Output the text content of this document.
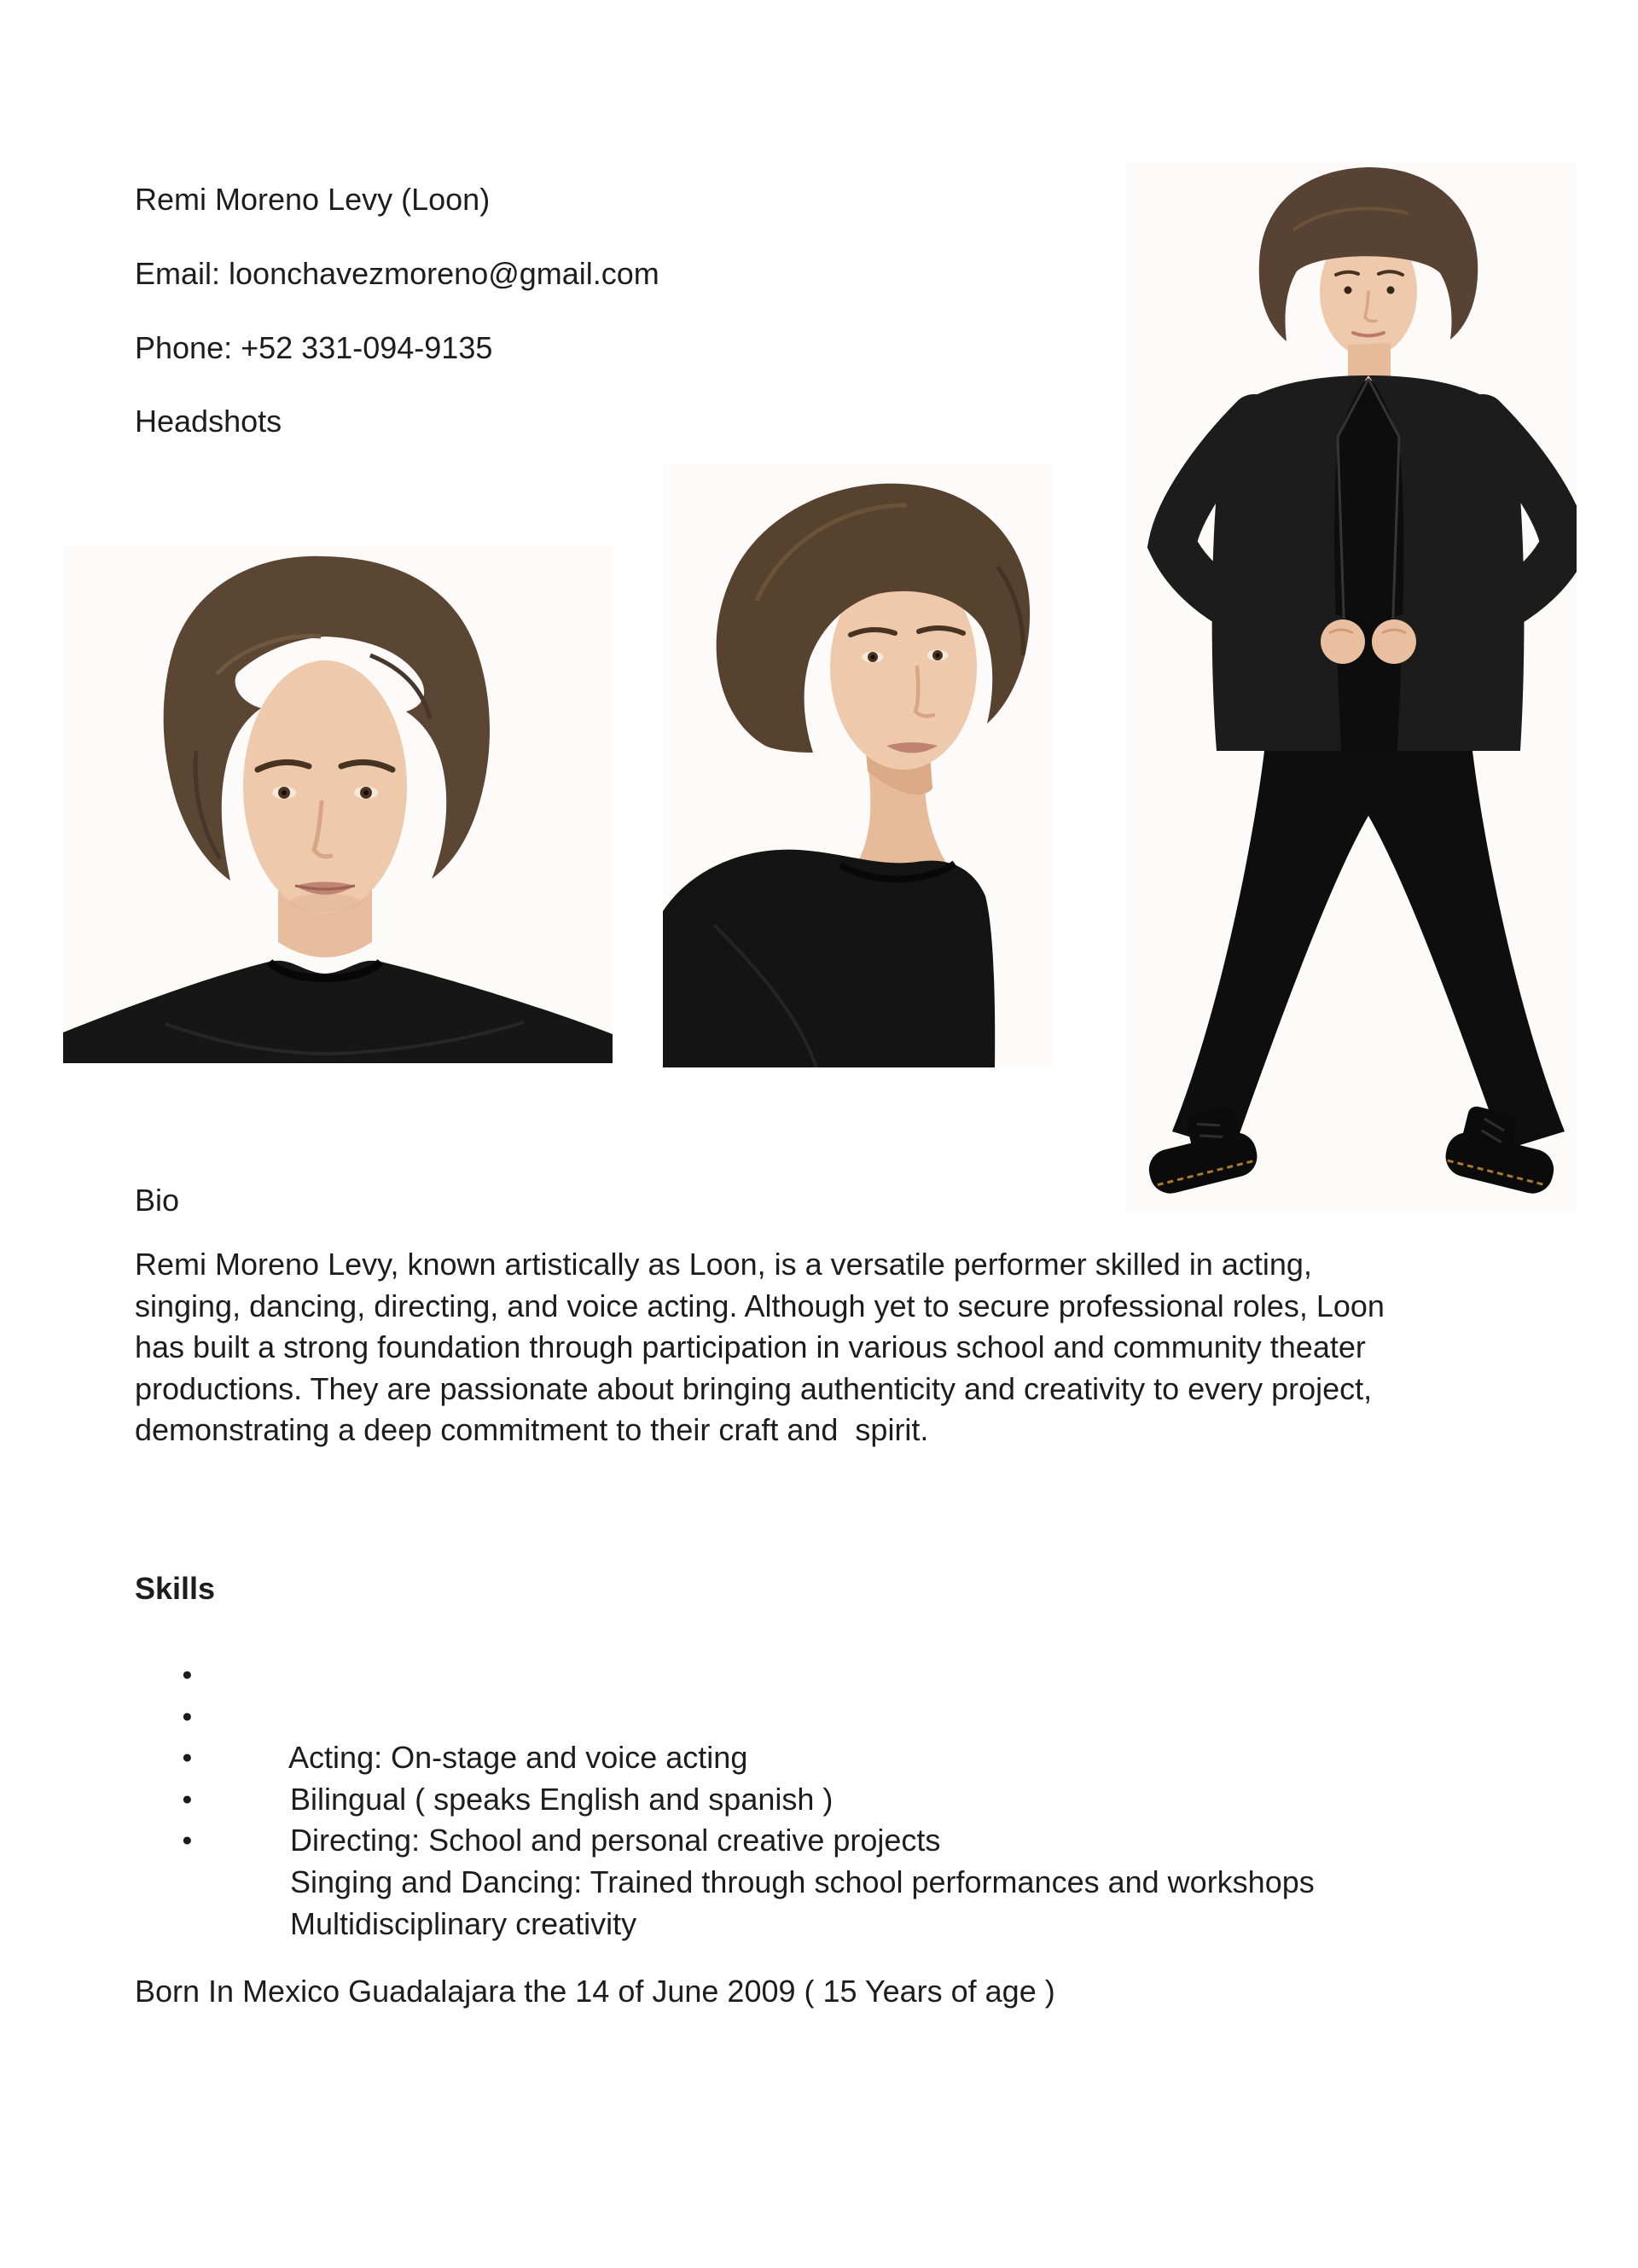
Remi Moreno Levy (Loon)
Email: loonchavezmoreno@gmail.com
Phone: +52 331-094-9135
Headshots
Bio
Remi Moreno Levy, known artistically as Loon, is a versatile performer skilled in acting,
singing, dancing, directing, and voice acting. Although yet to secure professional roles, Loon
has built a strong foundation through participation in various school and community theater
productions. They are passionate about bringing authenticity and creativity to every project,
demonstrating a deep commitment to their craft and  spirit.
Skills

●

Acting: On-stage and voice acting

●

Bilingual ( speaks English and spanish )

●

Directing: School and personal creative projects

●

Singing and Dancing: Trained through school performances and workshops

●

Multidisciplinary creativity

Born In Mexico Guadalajara the 14 of June 2009 ( 15 Years of age )
